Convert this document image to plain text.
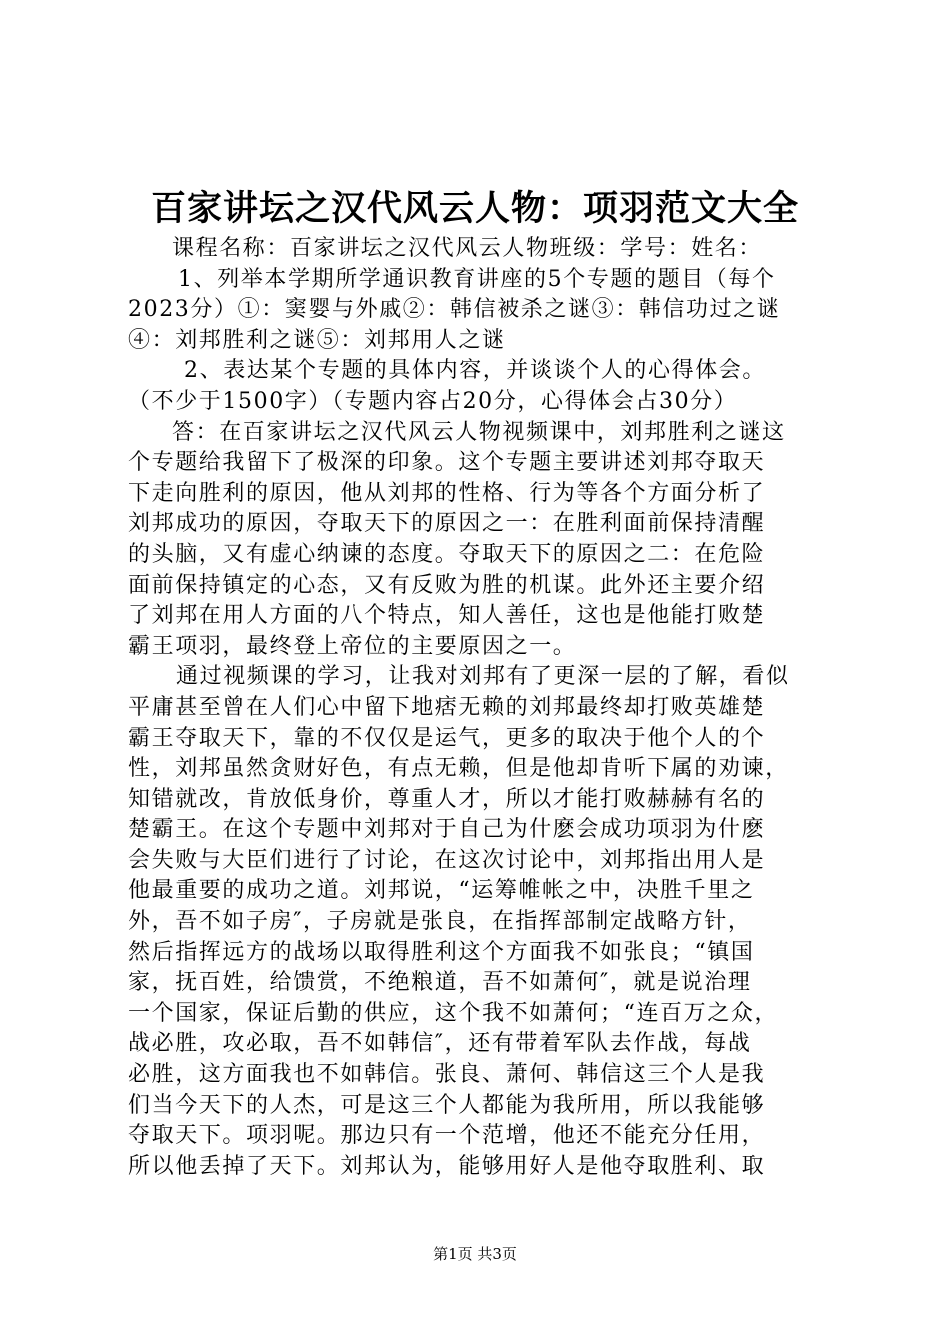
百家讲坛之汉代风云人物：项羽范文大全
课程名称：百家讲坛之汉代风云人物班级：学号：姓名：
1、列举本学期所学通识教育讲座的5个专题的题目（每个
2023分）①：窦婴与外戚②：韩信被杀之谜③：韩信功过之谜
④：刘邦胜利之谜⑤：刘邦用人之谜
2、表达某个专题的具体内容，并谈谈个人的心得体会。
（不少于1500字）（专题内容占20分，心得体会占30分）
答：在百家讲坛之汉代风云人物视频课中，刘邦胜利之谜这
个专题给我留下了极深的印象。这个专题主要讲述刘邦夺取天
下走向胜利的原因，他从刘邦的性格、行为等各个方面分析了
刘邦成功的原因，夺取天下的原因之一：在胜利面前保持清醒
的头脑，又有虚心纳谏的态度。夺取天下的原因之二：在危险
面前保持镇定的心态，又有反败为胜的机谋。此外还主要介绍
了刘邦在用人方面的八个特点，知人善任，这也是他能打败楚
霸王项羽，最终登上帝位的主要原因之一。
通过视频课的学习，让我对刘邦有了更深一层的了解，看似
平庸甚至曾在人们心中留下地痞无赖的刘邦最终却打败英雄楚
霸王夺取天下，靠的不仅仅是运气，更多的取决于他个人的个
性，刘邦虽然贪财好色，有点无赖，但是他却肯听下属的劝谏，
知错就改，肯放低身价，尊重人才，所以才能打败赫赫有名的
楚霸王。在这个专题中刘邦对于自己为什麽会成功项羽为什麽
会失败与大臣们进行了讨论，在这次讨论中，刘邦指出用人是
他最重要的成功之道。刘邦说，“运筹帷帐之中，决胜千里之
外，吾不如子房″，子房就是张良，在指挥部制定战略方针，
然后指挥远方的战场以取得胜利这个方面我不如张良；“镇国
家，抚百姓，给馈赏，不绝粮道，吾不如萧何″，就是说治理
一个国家，保证后勤的供应，这个我不如萧何；“连百万之众，
战必胜，攻必取，吾不如韩信″，还有带着军队去作战，每战
必胜，这方面我也不如韩信。张良、萧何、韩信这三个人是我
们当今天下的人杰，可是这三个人都能为我所用，所以我能够
夺取天下。项羽呢。那边只有一个范增，他还不能充分任用，
所以他丢掉了天下。刘邦认为，能够用好人是他夺取胜利、取
第1页 共3页
